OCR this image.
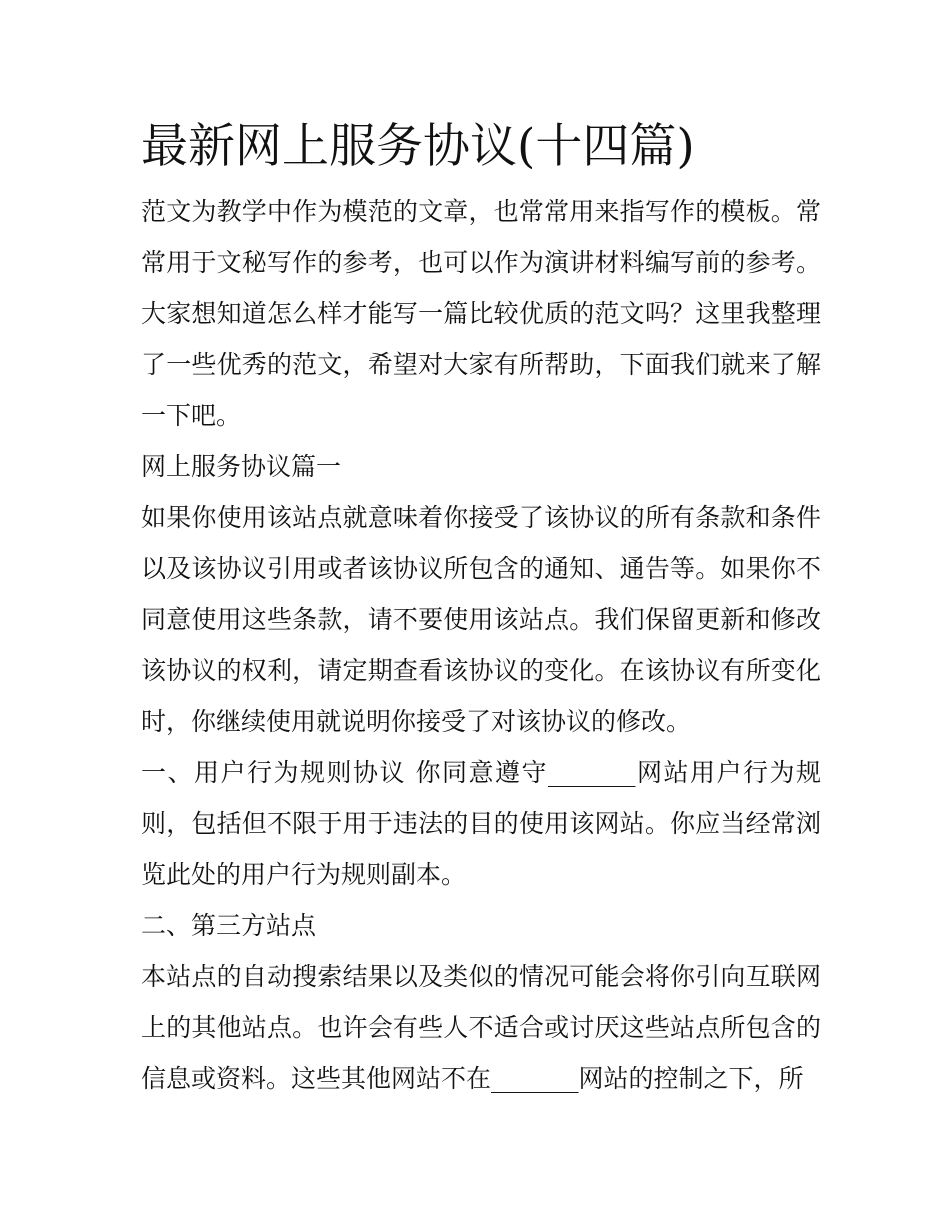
最新网上服务协议(十四篇)

范文为教学中作为模范的文章，也常常用来指写作的模板。常常用于文秘写作的参考，也可以作为演讲材料编写前的参考。大家想知道怎么样才能写一篇比较优质的范文吗？这里我整理了一些优秀的范文，希望对大家有所帮助，下面我们就来了解一下吧。

网上服务协议篇一

如果你使用该站点就意味着你接受了该协议的所有条款和条件以及该协议引用或者该协议所包含的通知、通告等。如果你不同意使用这些条款，请不要使用该站点。我们保留更新和修改该协议的权利，请定期查看该协议的变化。在该协议有所变化时，你继续使用就说明你接受了对该协议的修改。

一、用户行为规则协议 你同意遵守_______网站用户行为规则，包括但不限于用于违法的目的使用该网站。你应当经常浏览此处的用户行为规则副本。

二、第三方站点

本站点的自动搜索结果以及类似的情况可能会将你引向互联网上的其他站点。也许会有些人不适合或讨厌这些站点所包含的信息或资料。这些其他网站不在_______网站的控制之下，所
